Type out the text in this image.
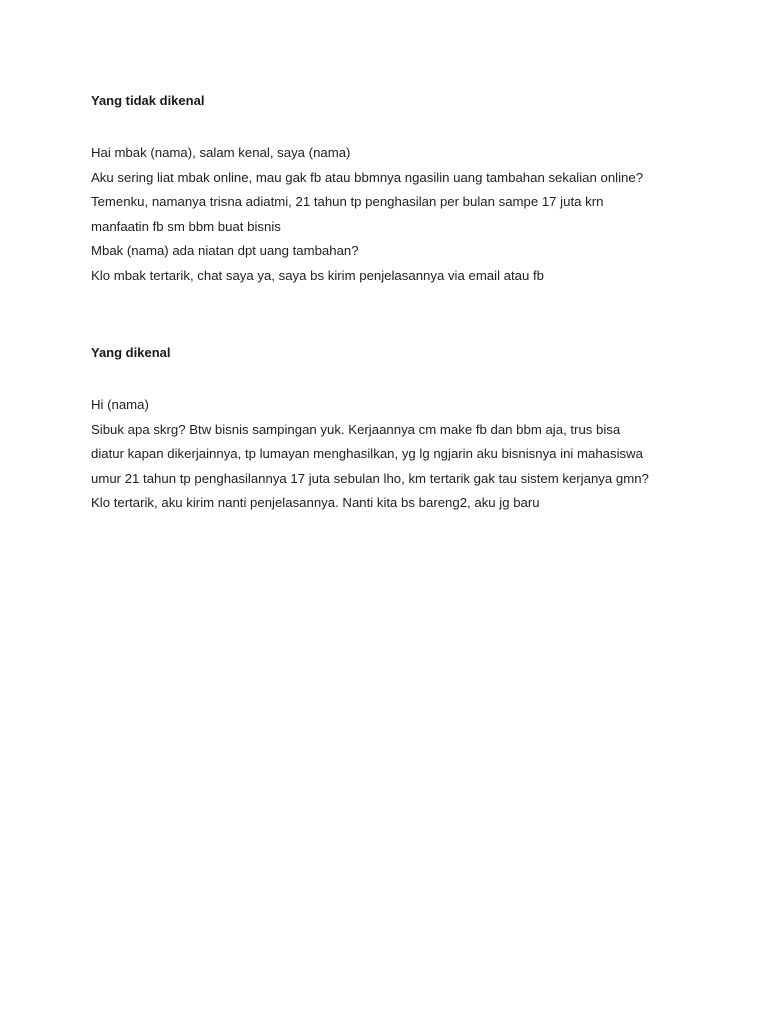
Yang tidak dikenal
Hai mbak (nama), salam kenal, saya (nama)
Aku sering liat mbak online, mau gak fb atau bbmnya ngasilin uang tambahan sekalian online?
Temenku, namanya trisna adiatmi, 21 tahun tp penghasilan per bulan sampe 17 juta krn
manfaatin fb sm bbm buat bisnis
Mbak (nama) ada niatan dpt uang tambahan?
Klo mbak tertarik, chat saya ya, saya bs kirim penjelasannya via email atau fb
Yang dikenal
Hi (nama)
Sibuk apa skrg? Btw bisnis sampingan yuk. Kerjaannya cm make fb dan bbm aja, trus bisa
diatur kapan dikerjainnya, tp lumayan menghasilkan, yg lg ngjarin aku bisnisnya ini mahasiswa
umur 21 tahun tp penghasilannya 17 juta sebulan lho, km tertarik gak tau sistem kerjanya gmn?
Klo tertarik, aku kirim nanti penjelasannya. Nanti kita bs bareng2, aku jg baru
